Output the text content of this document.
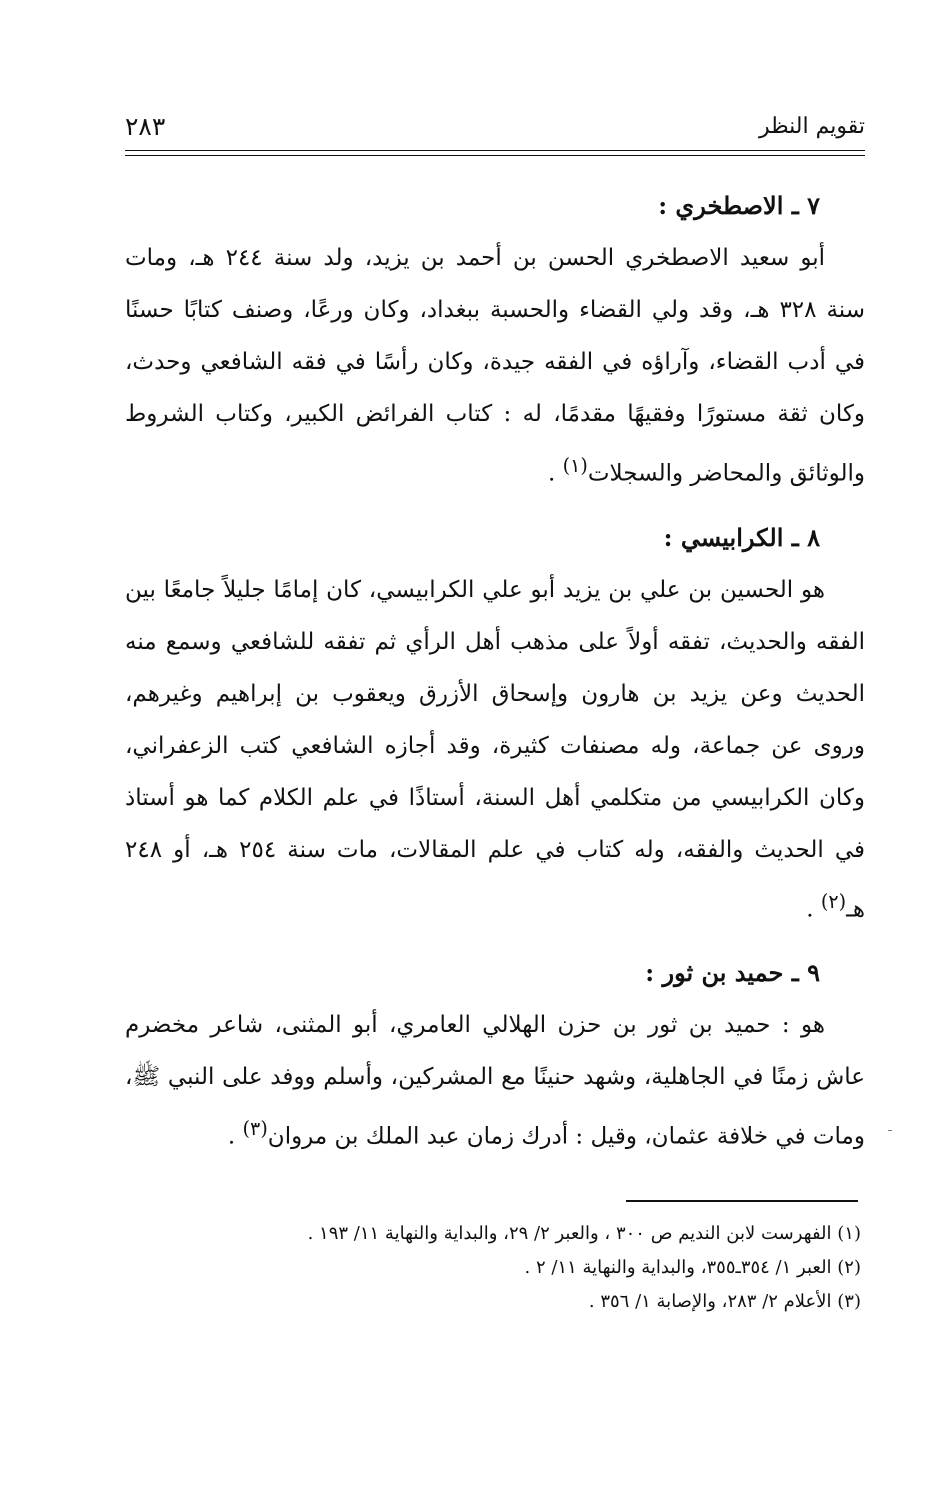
٢٨٣	تقويم النظر
٧ ـ الاصطخري :

أبو سعيد الاصطخري الحسن بن أحمد بن يزيد، ولد سنة ٢٤٤ هـ، ومات سنة ٣٢٨ هـ، وقد ولي القضاء والحسبة ببغداد، وكان ورعًا، وصنف كتابًا حسنًا في أدب القضاء، وآراؤه في الفقه جيدة، وكان رأسًا في فقه الشافعي وحدث، وكان ثقة مستورًا وفقيهًا مقدمًا، له : كتاب الفرائض الكبير، وكتاب الشروط والوثائق والمحاضر والسجلات$^{(١)}$ .

٨ ـ الكرابيسي :

هو الحسين بن علي بن يزيد أبو علي الكرابيسي، كان إمامًا جليلاً جامعًا بين الفقه والحديث، تفقه أولاً على مذهب أهل الرأي ثم تفقه للشافعي وسمع منه الحديث وعن يزيد بن هارون وإسحاق الأزرق ويعقوب بن إبراهيم وغيرهم، وروى عن جماعة، وله مصنفات كثيرة، وقد أجازه الشافعي كتب الزعفراني، وكان الكرابيسي من متكلمي أهل السنة، أستاذًا في علم الكلام كما هو أستاذ في الحديث والفقه، وله كتاب في علم المقالات، مات سنة ٢٥٤ هـ، أو ٢٤٨ هـ$^{(٢)}$ .

٩ ـ حميد بن ثور :

هو : حميد بن ثور بن حزن الهلالي العامري، أبو المثنى، شاعر مخضرم عاش زمنًا في الجاهلية، وشهد حنينًا مع المشركين، وأسلم ووفد على النبي ﷺ، ومات في خلافة عثمان، وقيل : أدرك زمان عبد الملك بن مروان$^{(٣)}$ .

(١) الفهرست لابن النديم ص ٣٠٠ ، والعبر ٢/ ٢٩، والبداية والنهاية ١١/ ١٩٣ .

(٢) العبر ١/ ٣٥٤ـ٣٥٥، والبداية والنهاية ١١/ ٢ .

(٣) الأعلام ٢/ ٢٨٣، والإصابة ١/ ٣٥٦ .
